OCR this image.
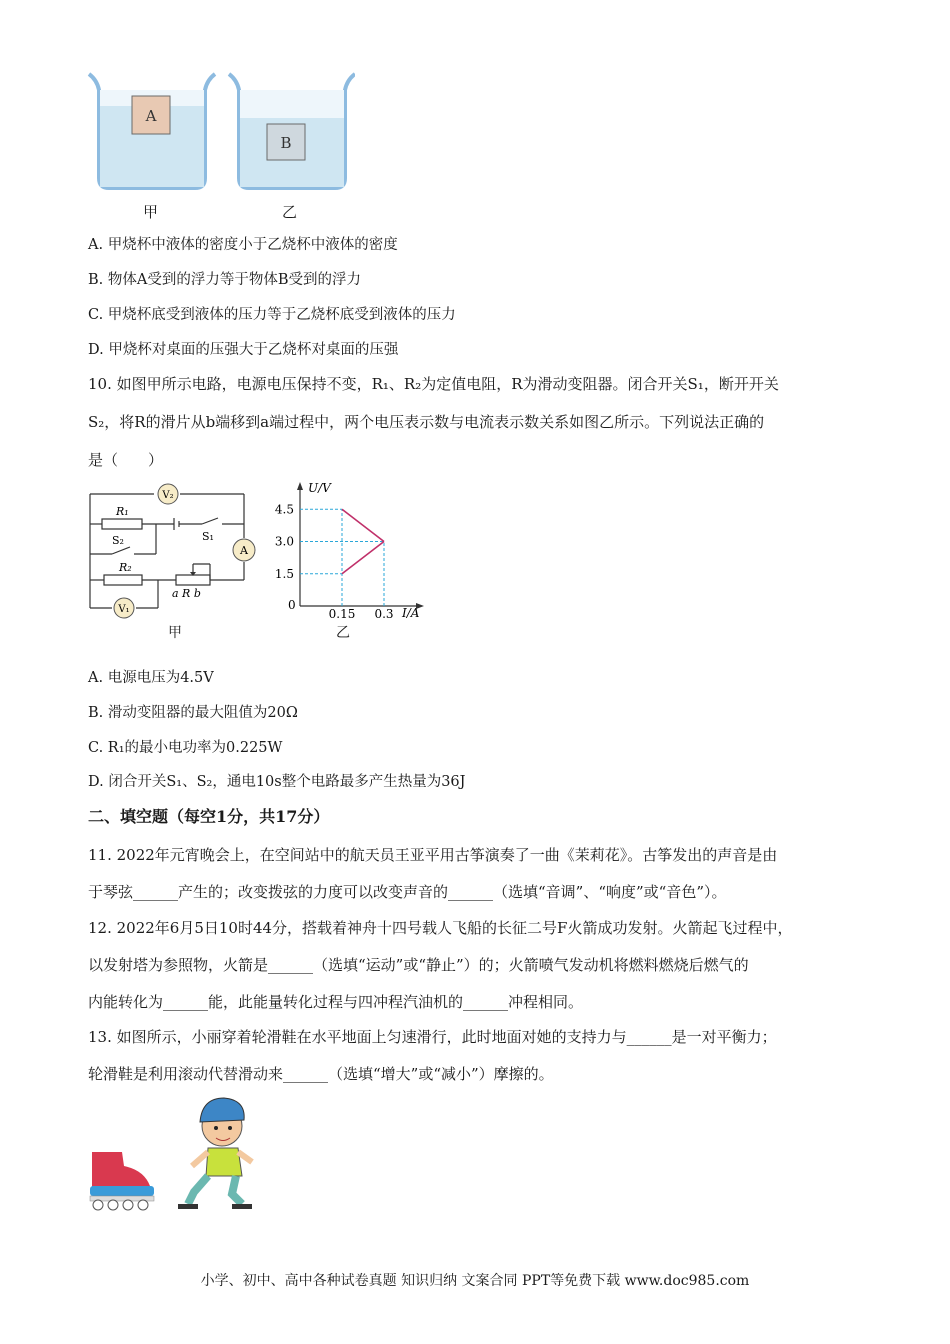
A
B
甲	乙
A. 甲烧杯中液体的密度小于乙烧杯中液体的密度
B. 物体A受到的浮力等于物体B受到的浮力
C. 甲烧杯底受到液体的压力等于乙烧杯底受到液体的压力
D. 甲烧杯对桌面的压强大于乙烧杯对桌面的压强
10. 如图甲所示电路，电源电压保持不变，R₁、R₂为定值电阻，R为滑动变阻器。闭合开关S₁，断开开关
S₂，将R的滑片从b端移到a端过程中，两个电压表示数与电流表示数关系如图乙所示。下列说法正确的
是（　　）
V₂
A
V₁
R₁
R₂
S₁
S₂
a R b
甲
U/V
I/A
0
1.5
3.0
4.5
0.15 0.3
乙
A. 电源电压为4.5V
B. 滑动变阻器的最大阻值为20Ω
C. R₁的最小电功率为0.225W
D. 闭合开关S₁、S₂，通电10s整个电路最多产生热量为36J
二、填空题（每空1分，共17分）
11. 2022年元宵晚会上，在空间站中的航天员王亚平用古筝演奏了一曲《茉莉花》。古筝发出的声音是由
于琴弦______产生的；改变拨弦的力度可以改变声音的______（选填“音调”、“响度”或“音色”）。
12. 2022年6月5日10时44分，搭载着神舟十四号载人飞船的长征二号F火箭成功发射。火箭起飞过程中，
以发射塔为参照物，火箭是______（选填“运动”或“静止”）的；火箭喷气发动机将燃料燃烧后燃气的
内能转化为______能，此能量转化过程与四冲程汽油机的______冲程相同。
13. 如图所示，小丽穿着轮滑鞋在水平地面上匀速滑行，此时地面对她的支持力与______是一对平衡力；
轮滑鞋是利用滚动代替滑动来______（选填“增大”或“减小”）摩擦的。
小学、初中、高中各种试卷真题 知识归纳 文案合同 PPT等免费下载 www.doc985.com
